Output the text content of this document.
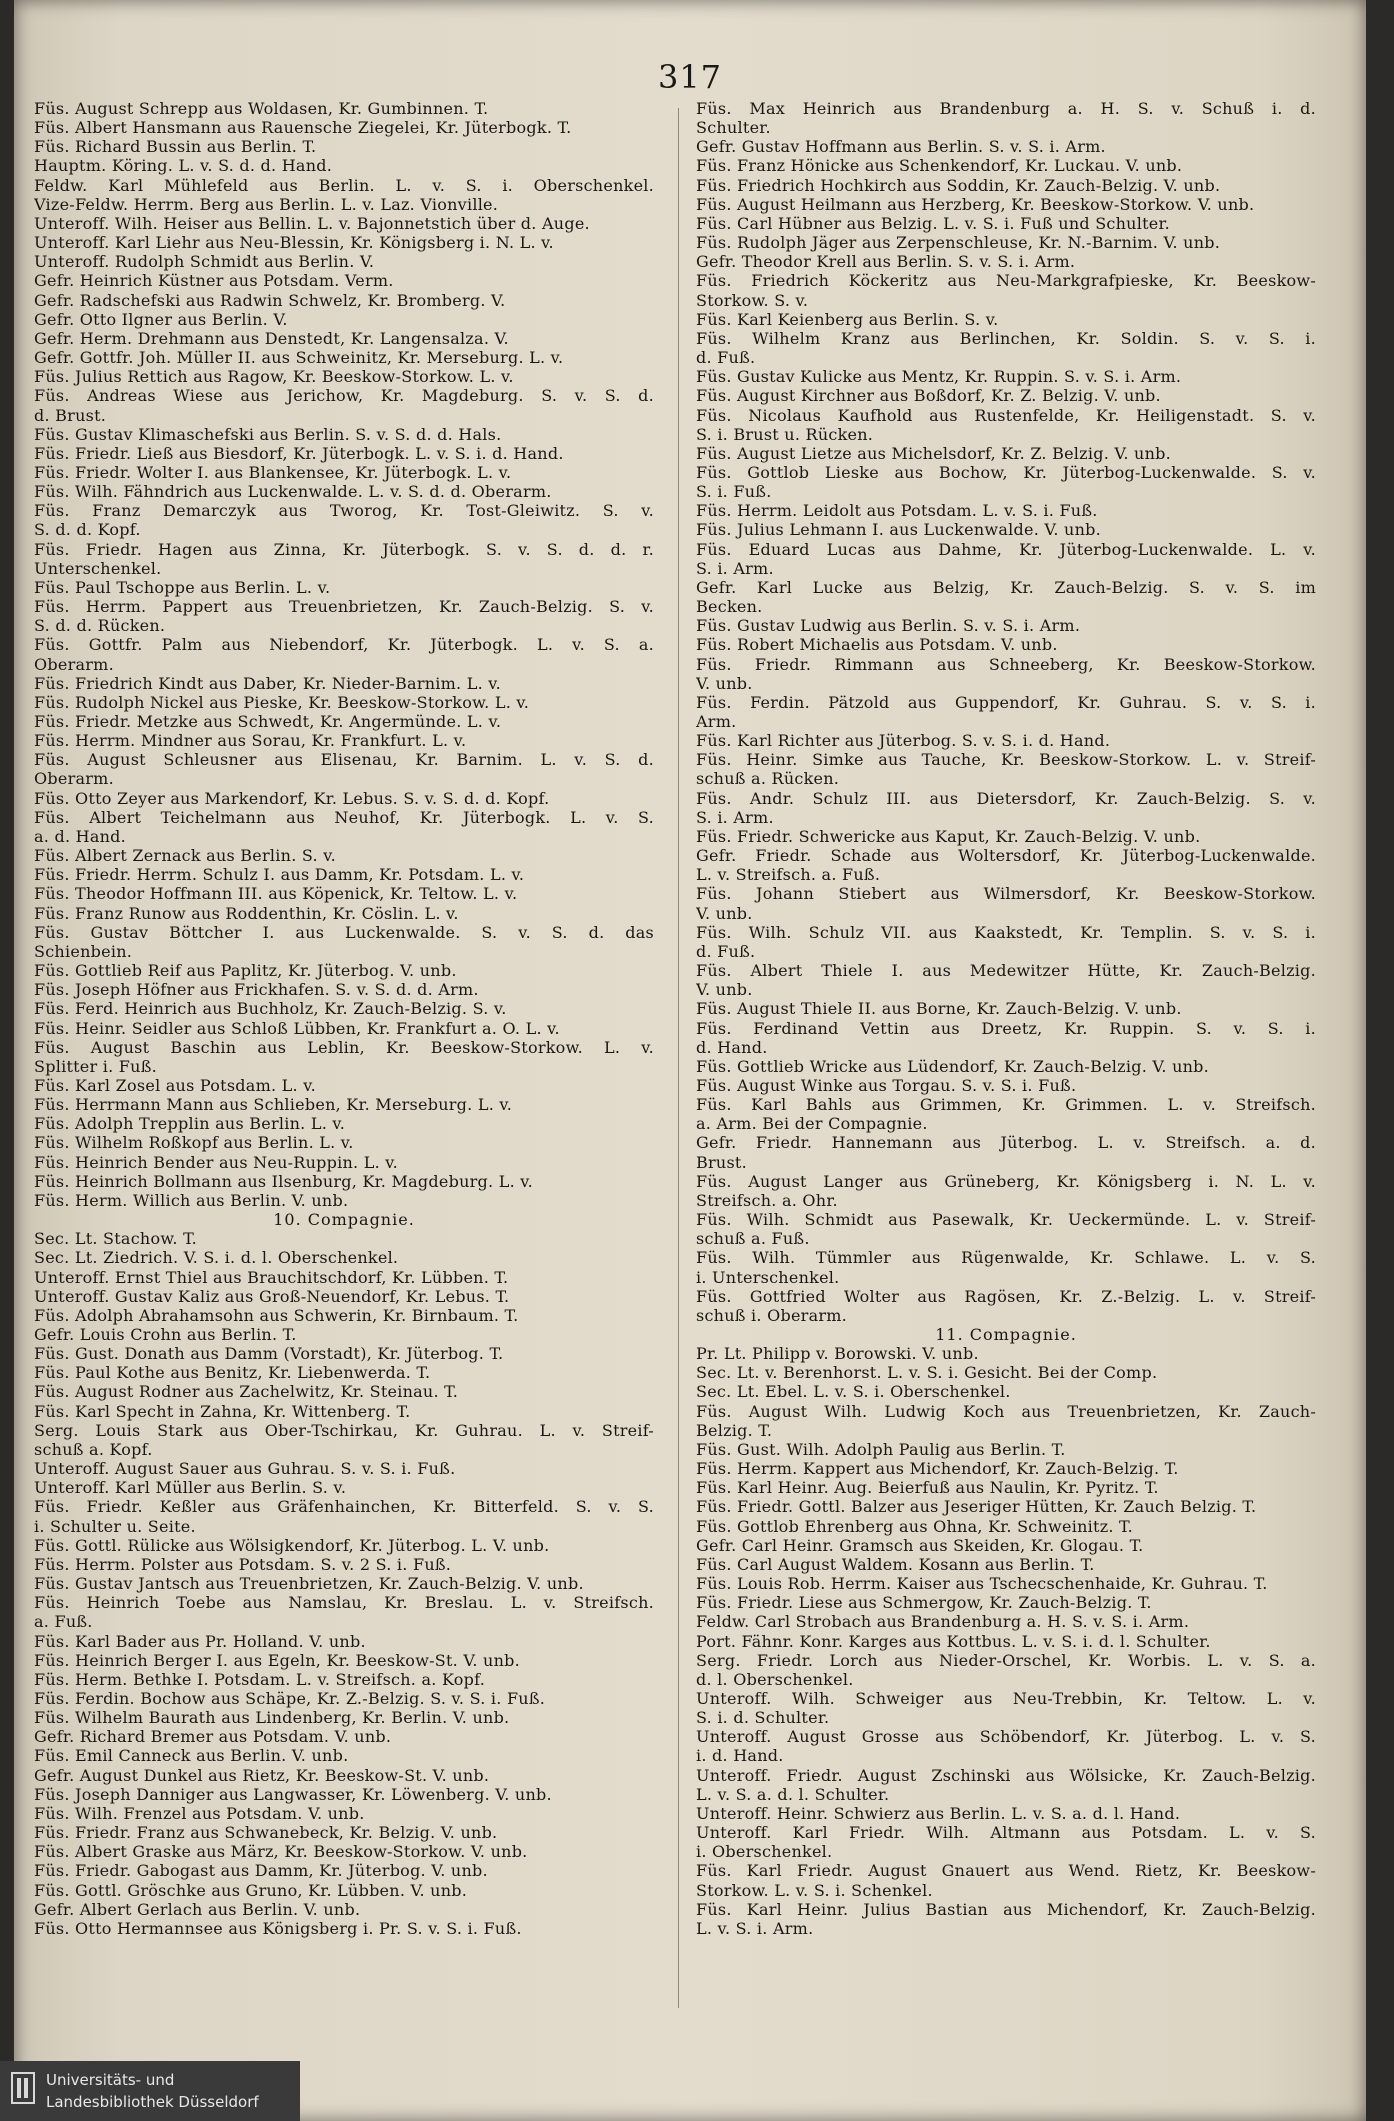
317
Füs. August Schrepp aus Woldasen, Kr. Gumbinnen. T.
Füs. Albert Hansmann aus Rauensche Ziegelei, Kr. Jüterbogk. T.
Füs. Richard Bussin aus Berlin. T.
Hauptm. Köring. L. v. S. d. d. Hand.
Feldw. Karl Mühlefeld aus Berlin. L. v. S. i. Oberschenkel.
Vize-Feldw. Herrm. Berg aus Berlin. L. v. Laz. Vionville.
Unteroff. Wilh. Heiser aus Bellin. L. v. Bajonnetstich über d. Auge.
Unteroff. Karl Liehr aus Neu-Blessin, Kr. Königsberg i. N. L. v.
Unteroff. Rudolph Schmidt aus Berlin. V.
Gefr. Heinrich Küstner aus Potsdam. Verm.
Gefr. Radschefski aus Radwin Schwelz, Kr. Bromberg. V.
Gefr. Otto Ilgner aus Berlin. V.
Gefr. Herm. Drehmann aus Denstedt, Kr. Langensalza. V.
Gefr. Gottfr. Joh. Müller II. aus Schweinitz, Kr. Merseburg. L. v.
Füs. Julius Rettich aus Ragow, Kr. Beeskow-Storkow. L. v.
Füs. Andreas Wiese aus Jerichow, Kr. Magdeburg. S. v. S. d.
d. Brust.
Füs. Gustav Klimaschefski aus Berlin. S. v. S. d. d. Hals.
Füs. Friedr. Ließ aus Biesdorf, Kr. Jüterbogk. L. v. S. i. d. Hand.
Füs. Friedr. Wolter I. aus Blankensee, Kr. Jüterbogk. L. v.
Füs. Wilh. Fähndrich aus Luckenwalde. L. v. S. d. d. Oberarm.
Füs. Franz Demarczyk aus Tworog, Kr. Tost-Gleiwitz. S. v.
S. d. d. Kopf.
Füs. Friedr. Hagen aus Zinna, Kr. Jüterbogk. S. v. S. d. d. r.
Unterschenkel.
Füs. Paul Tschoppe aus Berlin. L. v.
Füs. Herrm. Pappert aus Treuenbrietzen, Kr. Zauch-Belzig. S. v.
S. d. d. Rücken.
Füs. Gottfr. Palm aus Niebendorf, Kr. Jüterbogk. L. v. S. a.
Oberarm.
Füs. Friedrich Kindt aus Daber, Kr. Nieder-Barnim. L. v.
Füs. Rudolph Nickel aus Pieske, Kr. Beeskow-Storkow. L. v.
Füs. Friedr. Metzke aus Schwedt, Kr. Angermünde. L. v.
Füs. Herrm. Mindner aus Sorau, Kr. Frankfurt. L. v.
Füs. August Schleusner aus Elisenau, Kr. Barnim. L. v. S. d.
Oberarm.
Füs. Otto Zeyer aus Markendorf, Kr. Lebus. S. v. S. d. d. Kopf.
Füs. Albert Teichelmann aus Neuhof, Kr. Jüterbogk. L. v. S.
a. d. Hand.
Füs. Albert Zernack aus Berlin. S. v.
Füs. Friedr. Herrm. Schulz I. aus Damm, Kr. Potsdam. L. v.
Füs. Theodor Hoffmann III. aus Köpenick, Kr. Teltow. L. v.
Füs. Franz Runow aus Roddenthin, Kr. Cöslin. L. v.
Füs. Gustav Böttcher I. aus Luckenwalde. S. v. S. d. das
Schienbein.
Füs. Gottlieb Reif aus Paplitz, Kr. Jüterbog. V. unb.
Füs. Joseph Höfner aus Frickhafen. S. v. S. d. d. Arm.
Füs. Ferd. Heinrich aus Buchholz, Kr. Zauch-Belzig. S. v.
Füs. Heinr. Seidler aus Schloß Lübben, Kr. Frankfurt a. O. L. v.
Füs. August Baschin aus Leblin, Kr. Beeskow-Storkow. L. v.
Splitter i. Fuß.
Füs. Karl Zosel aus Potsdam. L. v.
Füs. Herrmann Mann aus Schlieben, Kr. Merseburg. L. v.
Füs. Adolph Trepplin aus Berlin. L. v.
Füs. Wilhelm Roßkopf aus Berlin. L. v.
Füs. Heinrich Bender aus Neu-Ruppin. L. v.
Füs. Heinrich Bollmann aus Ilsenburg, Kr. Magdeburg. L. v.
Füs. Herm. Willich aus Berlin. V. unb.
10. Compagnie.
Sec. Lt. Stachow. T.
Sec. Lt. Ziedrich. V. S. i. d. l. Oberschenkel.
Unteroff. Ernst Thiel aus Brauchitschdorf, Kr. Lübben. T.
Unteroff. Gustav Kaliz aus Groß-Neuendorf, Kr. Lebus. T.
Füs. Adolph Abrahamsohn aus Schwerin, Kr. Birnbaum. T.
Gefr. Louis Crohn aus Berlin. T.
Füs. Gust. Donath aus Damm (Vorstadt), Kr. Jüterbog. T.
Füs. Paul Kothe aus Benitz, Kr. Liebenwerda. T.
Füs. August Rodner aus Zachelwitz, Kr. Steinau. T.
Füs. Karl Specht in Zahna, Kr. Wittenberg. T.
Serg. Louis Stark aus Ober-Tschirkau, Kr. Guhrau. L. v. Streif-
schuß a. Kopf.
Unteroff. August Sauer aus Guhrau. S. v. S. i. Fuß.
Unteroff. Karl Müller aus Berlin. S. v.
Füs. Friedr. Keßler aus Gräfenhainchen, Kr. Bitterfeld. S. v. S.
i. Schulter u. Seite.
Füs. Gottl. Rülicke aus Wölsigkendorf, Kr. Jüterbog. L. V. unb.
Füs. Herrm. Polster aus Potsdam. S. v. 2 S. i. Fuß.
Füs. Gustav Jantsch aus Treuenbrietzen, Kr. Zauch-Belzig. V. unb.
Füs. Heinrich Toebe aus Namslau, Kr. Breslau. L. v. Streifsch.
a. Fuß.
Füs. Karl Bader aus Pr. Holland. V. unb.
Füs. Heinrich Berger I. aus Egeln, Kr. Beeskow-St. V. unb.
Füs. Herm. Bethke I. Potsdam. L. v. Streifsch. a. Kopf.
Füs. Ferdin. Bochow aus Schäpe, Kr. Z.-Belzig. S. v. S. i. Fuß.
Füs. Wilhelm Baurath aus Lindenberg, Kr. Berlin. V. unb.
Gefr. Richard Bremer aus Potsdam. V. unb.
Füs. Emil Canneck aus Berlin. V. unb.
Gefr. August Dunkel aus Rietz, Kr. Beeskow-St. V. unb.
Füs. Joseph Danniger aus Langwasser, Kr. Löwenberg. V. unb.
Füs. Wilh. Frenzel aus Potsdam. V. unb.
Füs. Friedr. Franz aus Schwanebeck, Kr. Belzig. V. unb.
Füs. Albert Graske aus März, Kr. Beeskow-Storkow. V. unb.
Füs. Friedr. Gabogast aus Damm, Kr. Jüterbog. V. unb.
Füs. Gottl. Gröschke aus Gruno, Kr. Lübben. V. unb.
Gefr. Albert Gerlach aus Berlin. V. unb.
Füs. Otto Hermannsee aus Königsberg i. Pr. S. v. S. i. Fuß.
Füs. Max Heinrich aus Brandenburg a. H. S. v. Schuß i. d.
Schulter.
Gefr. Gustav Hoffmann aus Berlin. S. v. S. i. Arm.
Füs. Franz Hönicke aus Schenkendorf, Kr. Luckau. V. unb.
Füs. Friedrich Hochkirch aus Soddin, Kr. Zauch-Belzig. V. unb.
Füs. August Heilmann aus Herzberg, Kr. Beeskow-Storkow. V. unb.
Füs. Carl Hübner aus Belzig. L. v. S. i. Fuß und Schulter.
Füs. Rudolph Jäger aus Zerpenschleuse, Kr. N.-Barnim. V. unb.
Gefr. Theodor Krell aus Berlin. S. v. S. i. Arm.
Füs. Friedrich Köckeritz aus Neu-Markgrafpieske, Kr. Beeskow-
Storkow. S. v.
Füs. Karl Keienberg aus Berlin. S. v.
Füs. Wilhelm Kranz aus Berlinchen, Kr. Soldin. S. v. S. i.
d. Fuß.
Füs. Gustav Kulicke aus Mentz, Kr. Ruppin. S. v. S. i. Arm.
Füs. August Kirchner aus Boßdorf, Kr. Z. Belzig. V. unb.
Füs. Nicolaus Kaufhold aus Rustenfelde, Kr. Heiligenstadt. S. v.
S. i. Brust u. Rücken.
Füs. August Lietze aus Michelsdorf, Kr. Z. Belzig. V. unb.
Füs. Gottlob Lieske aus Bochow, Kr. Jüterbog-Luckenwalde. S. v.
S. i. Fuß.
Füs. Herrm. Leidolt aus Potsdam. L. v. S. i. Fuß.
Füs. Julius Lehmann I. aus Luckenwalde. V. unb.
Füs. Eduard Lucas aus Dahme, Kr. Jüterbog-Luckenwalde. L. v.
S. i. Arm.
Gefr. Karl Lucke aus Belzig, Kr. Zauch-Belzig. S. v. S. im
Becken.
Füs. Gustav Ludwig aus Berlin. S. v. S. i. Arm.
Füs. Robert Michaelis aus Potsdam. V. unb.
Füs. Friedr. Rimmann aus Schneeberg, Kr. Beeskow-Storkow.
V. unb.
Füs. Ferdin. Pätzold aus Guppendorf, Kr. Guhrau. S. v. S. i.
Arm.
Füs. Karl Richter aus Jüterbog. S. v. S. i. d. Hand.
Füs. Heinr. Simke aus Tauche, Kr. Beeskow-Storkow. L. v. Streif-
schuß a. Rücken.
Füs. Andr. Schulz III. aus Dietersdorf, Kr. Zauch-Belzig. S. v.
S. i. Arm.
Füs. Friedr. Schwericke aus Kaput, Kr. Zauch-Belzig. V. unb.
Gefr. Friedr. Schade aus Woltersdorf, Kr. Jüterbog-Luckenwalde.
L. v. Streifsch. a. Fuß.
Füs. Johann Stiebert aus Wilmersdorf, Kr. Beeskow-Storkow.
V. unb.
Füs. Wilh. Schulz VII. aus Kaakstedt, Kr. Templin. S. v. S. i.
d. Fuß.
Füs. Albert Thiele I. aus Medewitzer Hütte, Kr. Zauch-Belzig.
V. unb.
Füs. August Thiele II. aus Borne, Kr. Zauch-Belzig. V. unb.
Füs. Ferdinand Vettin aus Dreetz, Kr. Ruppin. S. v. S. i.
d. Hand.
Füs. Gottlieb Wricke aus Lüdendorf, Kr. Zauch-Belzig. V. unb.
Füs. August Winke aus Torgau. S. v. S. i. Fuß.
Füs. Karl Bahls aus Grimmen, Kr. Grimmen. L. v. Streifsch.
a. Arm. Bei der Compagnie.
Gefr. Friedr. Hannemann aus Jüterbog. L. v. Streifsch. a. d.
Brust.
Füs. August Langer aus Grüneberg, Kr. Königsberg i. N. L. v.
Streifsch. a. Ohr.
Füs. Wilh. Schmidt aus Pasewalk, Kr. Ueckermünde. L. v. Streif-
schuß a. Fuß.
Füs. Wilh. Tümmler aus Rügenwalde, Kr. Schlawe. L. v. S.
i. Unterschenkel.
Füs. Gottfried Wolter aus Ragösen, Kr. Z.-Belzig. L. v. Streif-
schuß i. Oberarm.
11. Compagnie.
Pr. Lt. Philipp v. Borowski. V. unb.
Sec. Lt. v. Berenhorst. L. v. S. i. Gesicht. Bei der Comp.
Sec. Lt. Ebel. L. v. S. i. Oberschenkel.
Füs. August Wilh. Ludwig Koch aus Treuenbrietzen, Kr. Zauch-
Belzig. T.
Füs. Gust. Wilh. Adolph Paulig aus Berlin. T.
Füs. Herrm. Kappert aus Michendorf, Kr. Zauch-Belzig. T.
Füs. Karl Heinr. Aug. Beierfuß aus Naulin, Kr. Pyritz. T.
Füs. Friedr. Gottl. Balzer aus Jeseriger Hütten, Kr. Zauch Belzig. T.
Füs. Gottlob Ehrenberg aus Ohna, Kr. Schweinitz. T.
Gefr. Carl Heinr. Gramsch aus Skeiden, Kr. Glogau. T.
Füs. Carl August Waldem. Kosann aus Berlin. T.
Füs. Louis Rob. Herrm. Kaiser aus Tschecschenhaide, Kr. Guhrau. T.
Füs. Friedr. Liese aus Schmergow, Kr. Zauch-Belzig. T.
Feldw. Carl Strobach aus Brandenburg a. H. S. v. S. i. Arm.
Port. Fähnr. Konr. Karges aus Kottbus. L. v. S. i. d. l. Schulter.
Serg. Friedr. Lorch aus Nieder-Orschel, Kr. Worbis. L. v. S. a.
d. l. Oberschenkel.
Unteroff. Wilh. Schweiger aus Neu-Trebbin, Kr. Teltow. L. v.
S. i. d. Schulter.
Unteroff. August Grosse aus Schöbendorf, Kr. Jüterbog. L. v. S.
i. d. Hand.
Unteroff. Friedr. August Zschinski aus Wölsicke, Kr. Zauch-Belzig.
L. v. S. a. d. l. Schulter.
Unteroff. Heinr. Schwierz aus Berlin. L. v. S. a. d. l. Hand.
Unteroff. Karl Friedr. Wilh. Altmann aus Potsdam. L. v. S.
i. Oberschenkel.
Füs. Karl Friedr. August Gnauert aus Wend. Rietz, Kr. Beeskow-
Storkow. L. v. S. i. Schenkel.
Füs. Karl Heinr. Julius Bastian aus Michendorf, Kr. Zauch-Belzig.
L. v. S. i. Arm.
Universitäts- und
Landesbibliothek Düsseldorf
